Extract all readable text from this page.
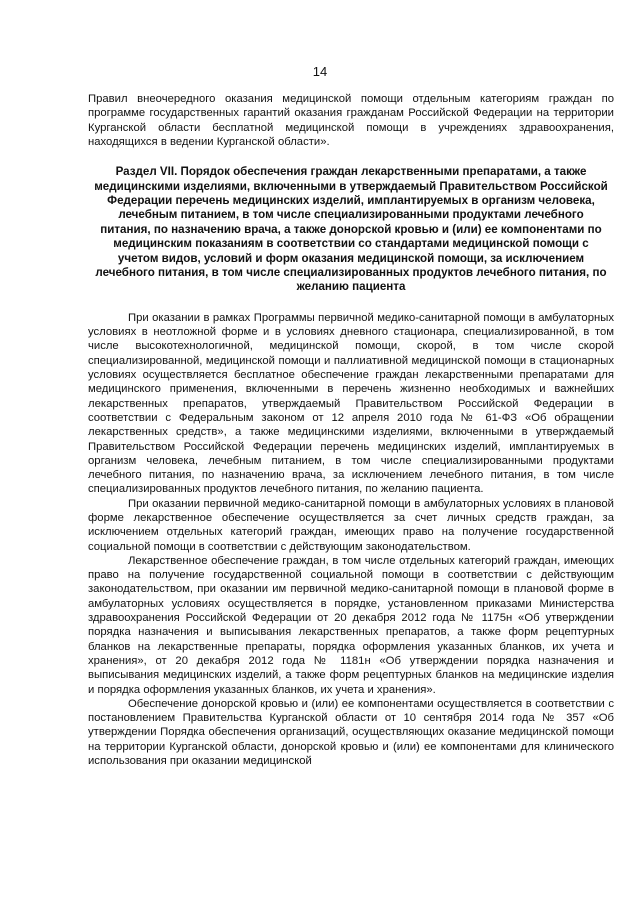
14

Правил внеочередного оказания медицинской помощи отдельным категориям граждан по программе государственных гарантий оказания гражданам Российской Федерации на территории Курганской области бесплатной медицинской помощи в учреждениях здравоохранения, находящихся в ведении Курганской области».

Раздел VII. Порядок обеспечения граждан лекарственными препаратами, а также медицинскими изделиями, включенными в утверждаемый Правительством Российской Федерации перечень медицинских изделий, имплантируемых в организм человека, лечебным питанием, в том числе специализированными продуктами лечебного питания, по назначению врача, а также донорской кровью и (или) ее компонентами по медицинским показаниям в соответствии со стандартами медицинской помощи с учетом видов, условий и форм оказания медицинской помощи, за исключением лечебного питания, в том числе специализированных продуктов лечебного питания, по желанию пациента

При оказании в рамках Программы первичной медико-санитарной помощи в амбулаторных условиях в неотложной форме и в условиях дневного стационара, специализированной, в том числе высокотехнологичной, медицинской помощи, скорой, в том числе скорой специализированной, медицинской помощи и паллиативной медицинской помощи в стационарных условиях осуществляется бесплатное обеспечение граждан лекарственными препаратами для медицинского применения, включенными в перечень жизненно необходимых и важнейших лекарственных препаратов, утверждаемый Правительством Российской Федерации в соответствии с Федеральным законом от 12 апреля 2010 года № 61-ФЗ «Об обращении лекарственных средств», а также медицинскими изделиями, включенными в утверждаемый Правительством Российской Федерации перечень медицинских изделий, имплантируемых в организм человека, лечебным питанием, в том числе специализированными продуктами лечебного питания, по назначению врача, за исключением лечебного питания, в том числе специализированных продуктов лечебного питания, по желанию пациента.

При оказании первичной медико-санитарной помощи в амбулаторных условиях в плановой форме лекарственное обеспечение осуществляется за счет личных средств граждан, за исключением отдельных категорий граждан, имеющих право на получение государственной социальной помощи в соответствии с действующим законодательством.

Лекарственное обеспечение граждан, в том числе отдельных категорий граждан, имеющих право на получение государственной социальной помощи в соответствии с действующим законодательством, при оказании им первичной медико-санитарной помощи в плановой форме в амбулаторных условиях осуществляется в порядке, установленном приказами Министерства здравоохранения Российской Федерации от 20 декабря 2012 года № 1175н «Об утверждении порядка назначения и выписывания лекарственных препаратов, а также форм рецептурных бланков на лекарственные препараты, порядка оформления указанных бланков, их учета и хранения», от 20 декабря 2012 года № 1181н «Об утверждении порядка назначения и выписывания медицинских изделий, а также форм рецептурных бланков на медицинские изделия и порядка оформления указанных бланков, их учета и хранения».

Обеспечение донорской кровью и (или) ее компонентами осуществляется в соответствии с постановлением Правительства Курганской области от 10 сентября 2014 года № 357 «Об утверждении Порядка обеспечения организаций, осуществляющих оказание медицинской помощи на территории Курганской области, донорской кровью и (или) ее компонентами для клинического использования при оказании медицинской
